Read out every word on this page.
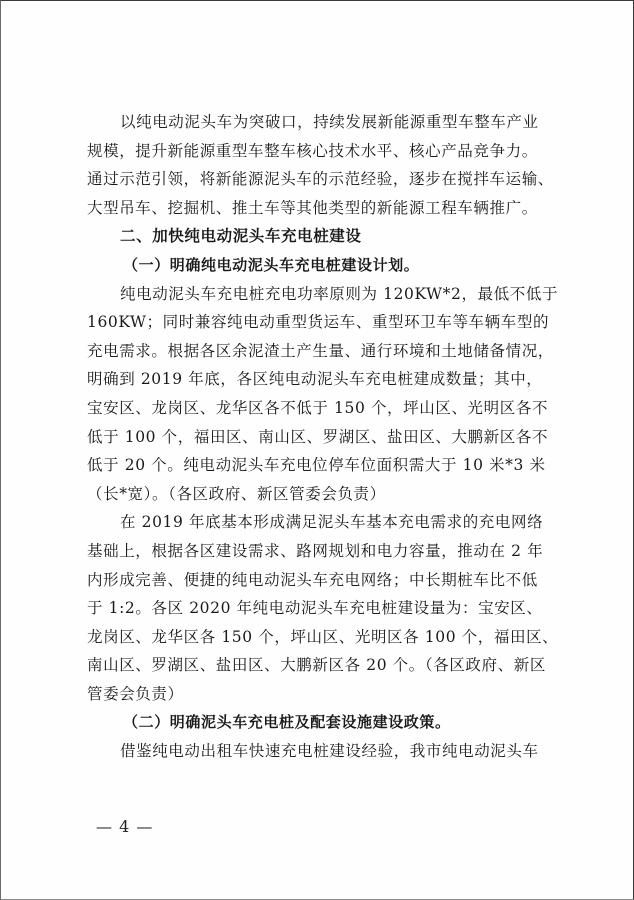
以纯电动泥头车为突破口，持续发展新能源重型车整车产业
规模，提升新能源重型车整车核心技术水平、核心产品竞争力。
通过示范引领，将新能源泥头车的示范经验，逐步在搅拌车运输、
大型吊车、挖掘机、推土车等其他类型的新能源工程车辆推广。
二、加快纯电动泥头车充电桩建设
（一）明确纯电动泥头车充电桩建设计划。
纯电动泥头车充电桩充电功率原则为 120KW*2，最低不低于
160KW；同时兼容纯电动重型货运车、重型环卫车等车辆车型的
充电需求。根据各区余泥渣土产生量、通行环境和土地储备情况，
明确到 2019 年底，各区纯电动泥头车充电桩建成数量；其中，
宝安区、龙岗区、龙华区各不低于 150 个，坪山区、光明区各不
低于 100 个，福田区、南山区、罗湖区、盐田区、大鹏新区各不
低于 20 个。纯电动泥头车充电位停车位面积需大于 10 米*3 米
（长*宽）。（各区政府、新区管委会负责）
在 2019 年底基本形成满足泥头车基本充电需求的充电网络
基础上，根据各区建设需求、路网规划和电力容量，推动在 2 年
内形成完善、便捷的纯电动泥头车充电网络；中长期桩车比不低
于 1:2。各区 2020 年纯电动泥头车充电桩建设量为：宝安区、
龙岗区、龙华区各 150 个，坪山区、光明区各 100 个，福田区、
南山区、罗湖区、盐田区、大鹏新区各 20 个。（各区政府、新区
管委会负责）
（二）明确泥头车充电桩及配套设施建设政策。
借鉴纯电动出租车快速充电桩建设经验，我市纯电动泥头车
— 4 —
